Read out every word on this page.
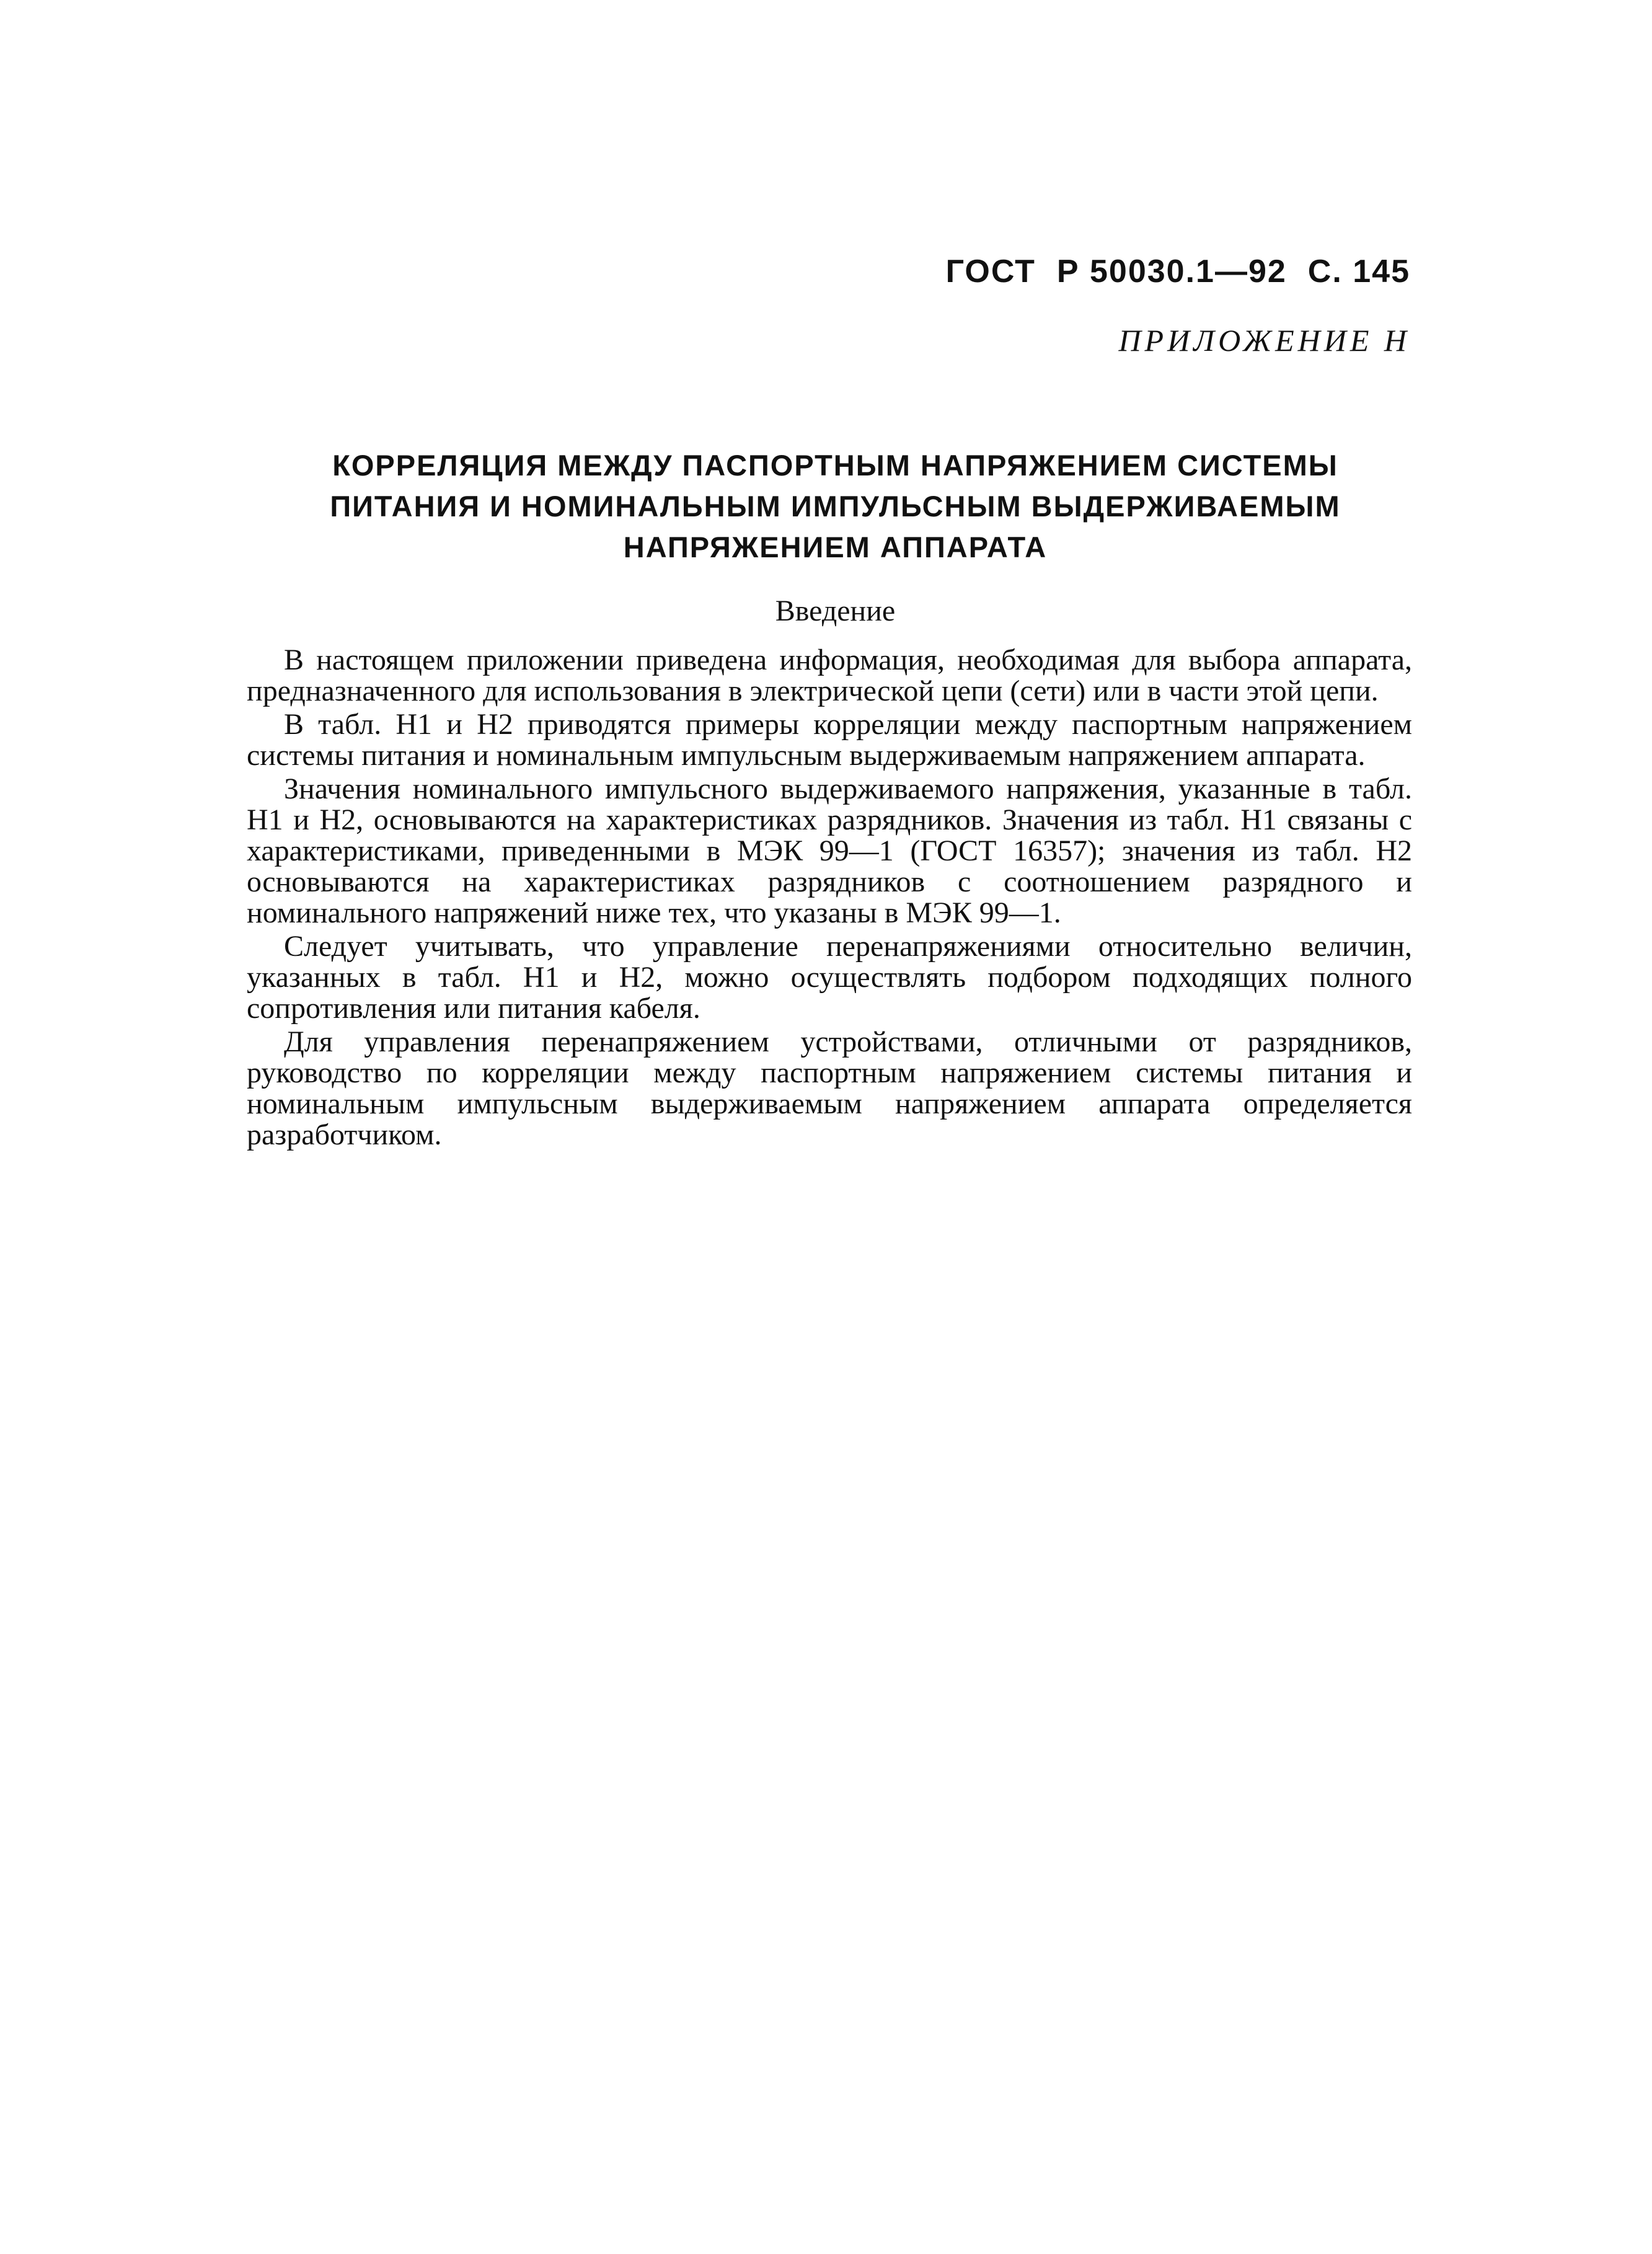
ГОСТ Р 50030.1—92 С. 145
ПРИЛОЖЕНИЕ Н
КОРРЕЛЯЦИЯ МЕЖДУ ПАСПОРТНЫМ НАПРЯЖЕНИЕМ СИСТЕМЫ
ПИТАНИЯ И НОМИНАЛЬНЫМ ИМПУЛЬСНЫМ ВЫДЕРЖИВАЕМЫМ
НАПРЯЖЕНИЕМ АППАРАТА
Введение

В настоящем приложении приведена информация, необходимая для выбора аппарата, предназначенного для использования в электрической цепи (сети) или в части этой цепи.

В табл. Н1 и Н2 приводятся примеры корреляции между паспортным напряжением системы питания и номинальным импульсным выдерживаемым напряжением аппарата.

Значения номинального импульсного выдерживаемого напряжения, указанные в табл. Н1 и Н2, основываются на характеристиках разрядников. Значения из табл. Н1 связаны с характеристиками, приведенными в МЭК 99—1 (ГОСТ 16357); значения из табл. Н2 основываются на характеристиках разрядников с соотношением разрядного и номинального напряжений ниже тех, что указаны в МЭК 99—1.

Следует учитывать, что управление перенапряжениями относительно величин, указанных в табл. Н1 и Н2, можно осуществлять подбором подходящих полного сопротивления или питания кабеля.

Для управления перенапряжением устройствами, отличными от разрядников, руководство по корреляции между паспортным напряжением системы питания и номинальным импульсным выдерживаемым напряжением аппарата определяется разработчиком.
